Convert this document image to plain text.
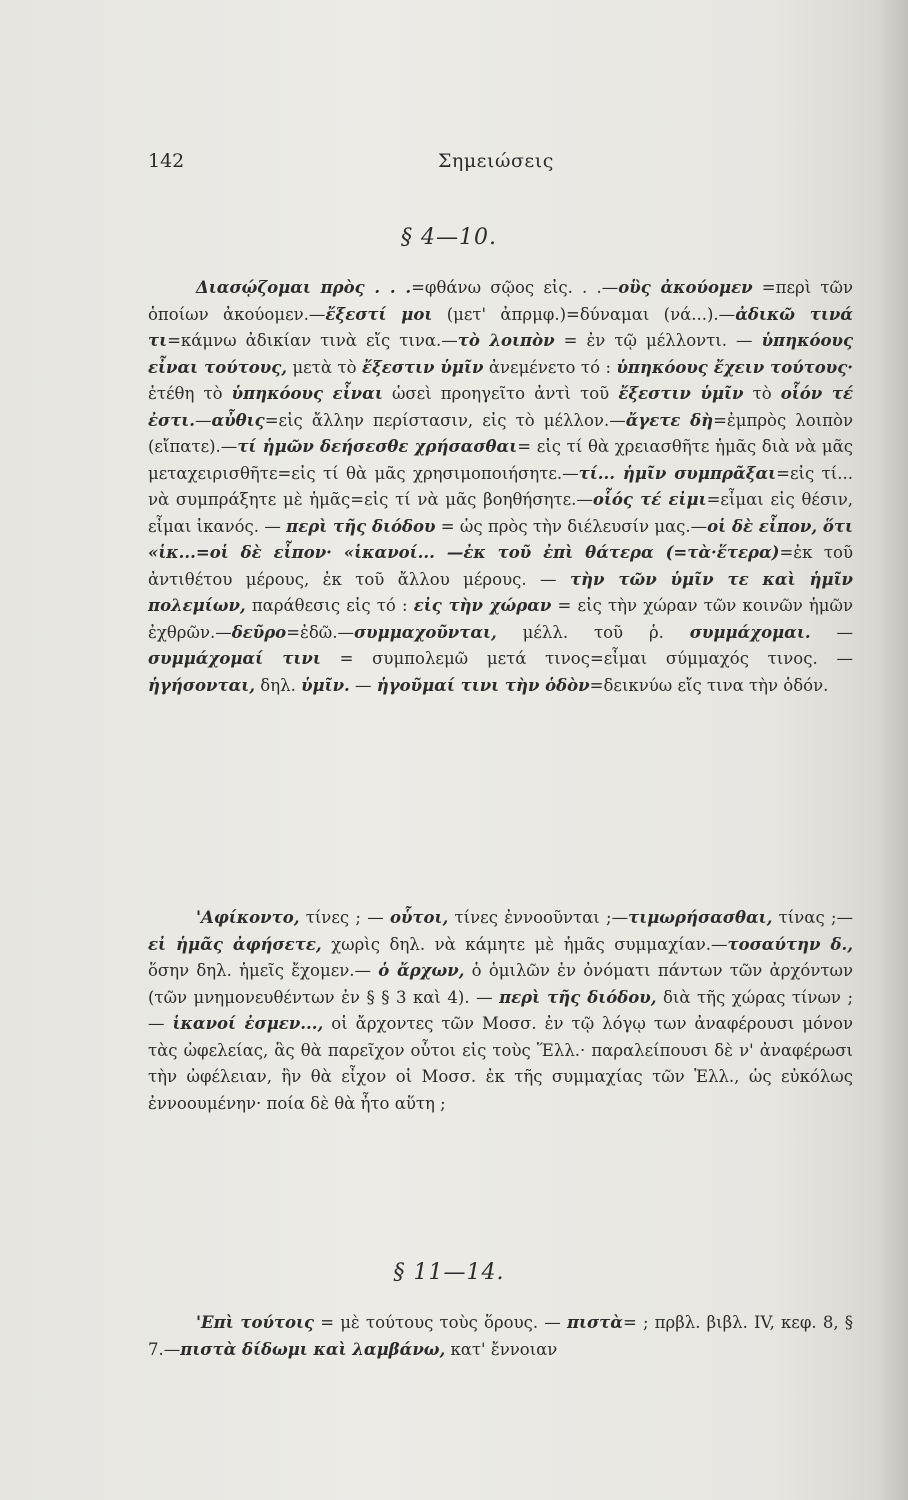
142	Σημειώσεις
§ 4—10.
Διασῴζομαι πρὸς . . .=φθάνω σῷος εἰς. . .—οὓς ἀκούομεν =περὶ τῶν ὁποίων ἀκούομεν.—ἔξεστί μοι (μετ' ἀπρμφ.)=δύναμαι (νά...).—ἀδικῶ τινά τι=κάμνω ἀδικίαν τινὰ εἴς τινα.—τὸ λοιπὸν = ἐν τῷ μέλλοντι. — ὑπηκόους εἶναι τούτους, μετὰ τὸ ἔξεστιν ὑμῖν ἀνεμένετο τό : ὑπηκόους ἔχειν τούτους· ἐτέθη τὸ ὑπηκόους εἶναι ὡσεὶ προηγεῖτο ἀντὶ τοῦ ἔξεστιν ὑμῖν τὸ οἷόν τέ ἐστι.—αὖθις=εἰς ἄλλην περίστασιν, εἰς τὸ μέλλον.—ἄγετε δὴ=ἐμπρὸς λοιπὸν (εἴπατε).—τί ἡμῶν δεήσεσθε χρήσασθαι= εἰς τί θὰ χρειασθῆτε ἡμᾶς διὰ νὰ μᾶς μεταχειρισθῆτε=εἰς τί θὰ μᾶς χρησιμοποιήσητε.—τί... ἡμῖν συμπρᾶξαι=εἰς τί... νὰ συμπράξητε μὲ ἡμᾶς=εἰς τί νὰ μᾶς βοηθήσητε.—οἷός τέ εἰμι=εἶμαι εἰς θέσιν, εἶμαι ἱκανός. — περὶ τῆς διόδου = ὡς πρὸς τὴν διέλευσίν μας.—οἱ δὲ εἶπον, ὅτι «ἱκ...=οἱ δὲ εἶπον· «ἱκανοί... —ἐκ τοῦ ἐπὶ θάτερα (=τὰ·ἕτερα)=ἐκ τοῦ ἀντιθέτου μέρους, ἐκ τοῦ ἄλλου μέρους. — τὴν τῶν ὑμῖν τε καὶ ἡμῖν πολεμίων, παράθεσις εἰς τό : εἰς τὴν χώραν = εἰς τὴν χώραν τῶν κοινῶν ἡμῶν ἐχθρῶν.—δεῦρο=ἐδῶ.—συμμαχοῦνται, μέλλ. τοῦ ῥ. συμμάχομαι. — συμμάχομαί τινι = συμπολεμῶ μετά τινος=εἶμαι σύμμαχός τινος. — ἡγήσονται, δηλ. ὑμῖν. — ἡγοῦμαί τινι τὴν ὁδὸν=δεικνύω εἴς τινα τὴν ὁδόν.
'Αφίκοντο, τίνες ; — οὗτοι, τίνες ἐννοοῦνται ;—τιμωρήσασθαι, τίνας ;—εἰ ἡμᾶς ἀφήσετε, χωρὶς δηλ. νὰ κάμητε μὲ ἡμᾶς συμμαχίαν.—τοσαύτην δ., ὅσην δηλ. ἡμεῖς ἔχομεν.— ὁ ἄρχων, ὁ ὁμιλῶν ἐν ὀνόματι πάντων τῶν ἀρχόντων (τῶν μνημονευθέντων ἐν § § 3 καὶ 4). — περὶ τῆς διόδου, διὰ τῆς χώρας τίνων ; — ἱκανοί ἐσμεν..., οἱ ἄρχοντες τῶν Μοσσ. ἐν τῷ λόγῳ των ἀναφέρουσι μόνον τὰς ὠφελείας, ἃς θὰ παρεῖχον οὗτοι εἰς τοὺς Ἕλλ.· παραλείπουσι δὲ ν' ἀναφέρωσι τὴν ὠφέλειαν, ἣν θὰ εἶχον οἱ Μοσσ. ἐκ τῆς συμμαχίας τῶν Ἑλλ., ὡς εὐκόλως ἐννοουμένην· ποία δὲ θὰ ἦτο αὕτη ;
§ 11—14.
'Επὶ τούτοις = μὲ τούτους τοὺς ὅρους. — πιστὰ= ; πρβλ. βιβλ. IV, κεφ. 8, § 7.—πιστὰ δίδωμι καὶ λαμβάνω, κατ' ἔννοιαν
